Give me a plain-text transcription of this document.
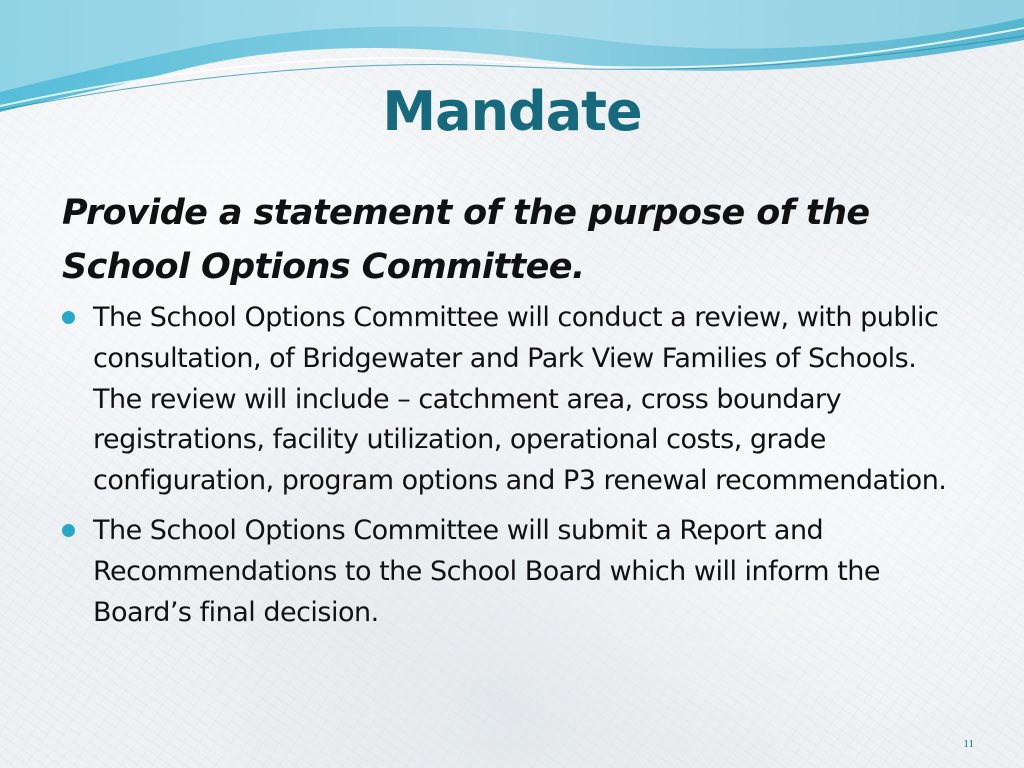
Mandate

Provide a statement of the purpose of the School Options Committee.

The School Options Committee will conduct a review, with public consultation, of Bridgewater and Park View Families of Schools. The review will include – catchment area, cross boundary registrations, facility utilization, operational costs, grade configuration, program options and P3 renewal recommendation.
The School Options Committee will submit a Report and Recommendations to the School Board which will inform the Board’s final decision.
11
